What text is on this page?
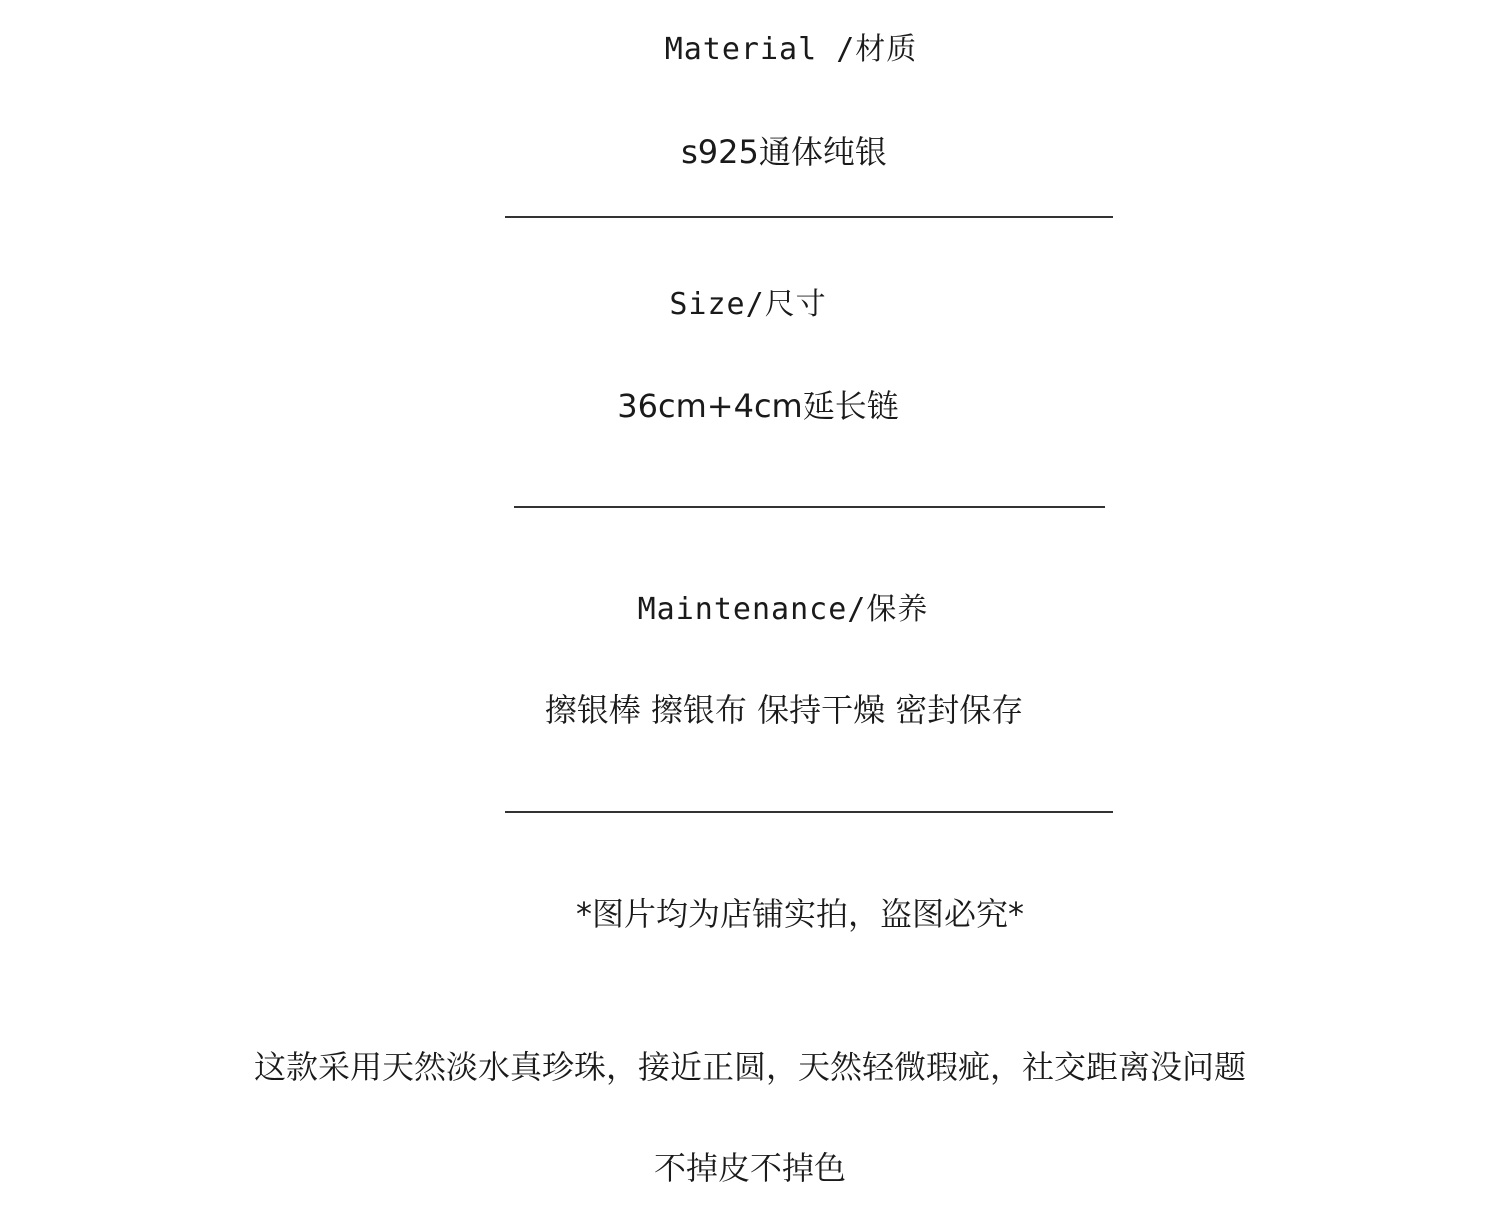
Material /材质
s925通体纯银
Size/尺寸
36cm+4cm延长链
Maintenance/保养
擦银棒 擦银布 保持干燥 密封保存
*图片均为店铺实拍，盗图必究*
这款采用天然淡水真珍珠，接近正圆，天然轻微瑕疵，社交距离没问题
不掉皮不掉色
